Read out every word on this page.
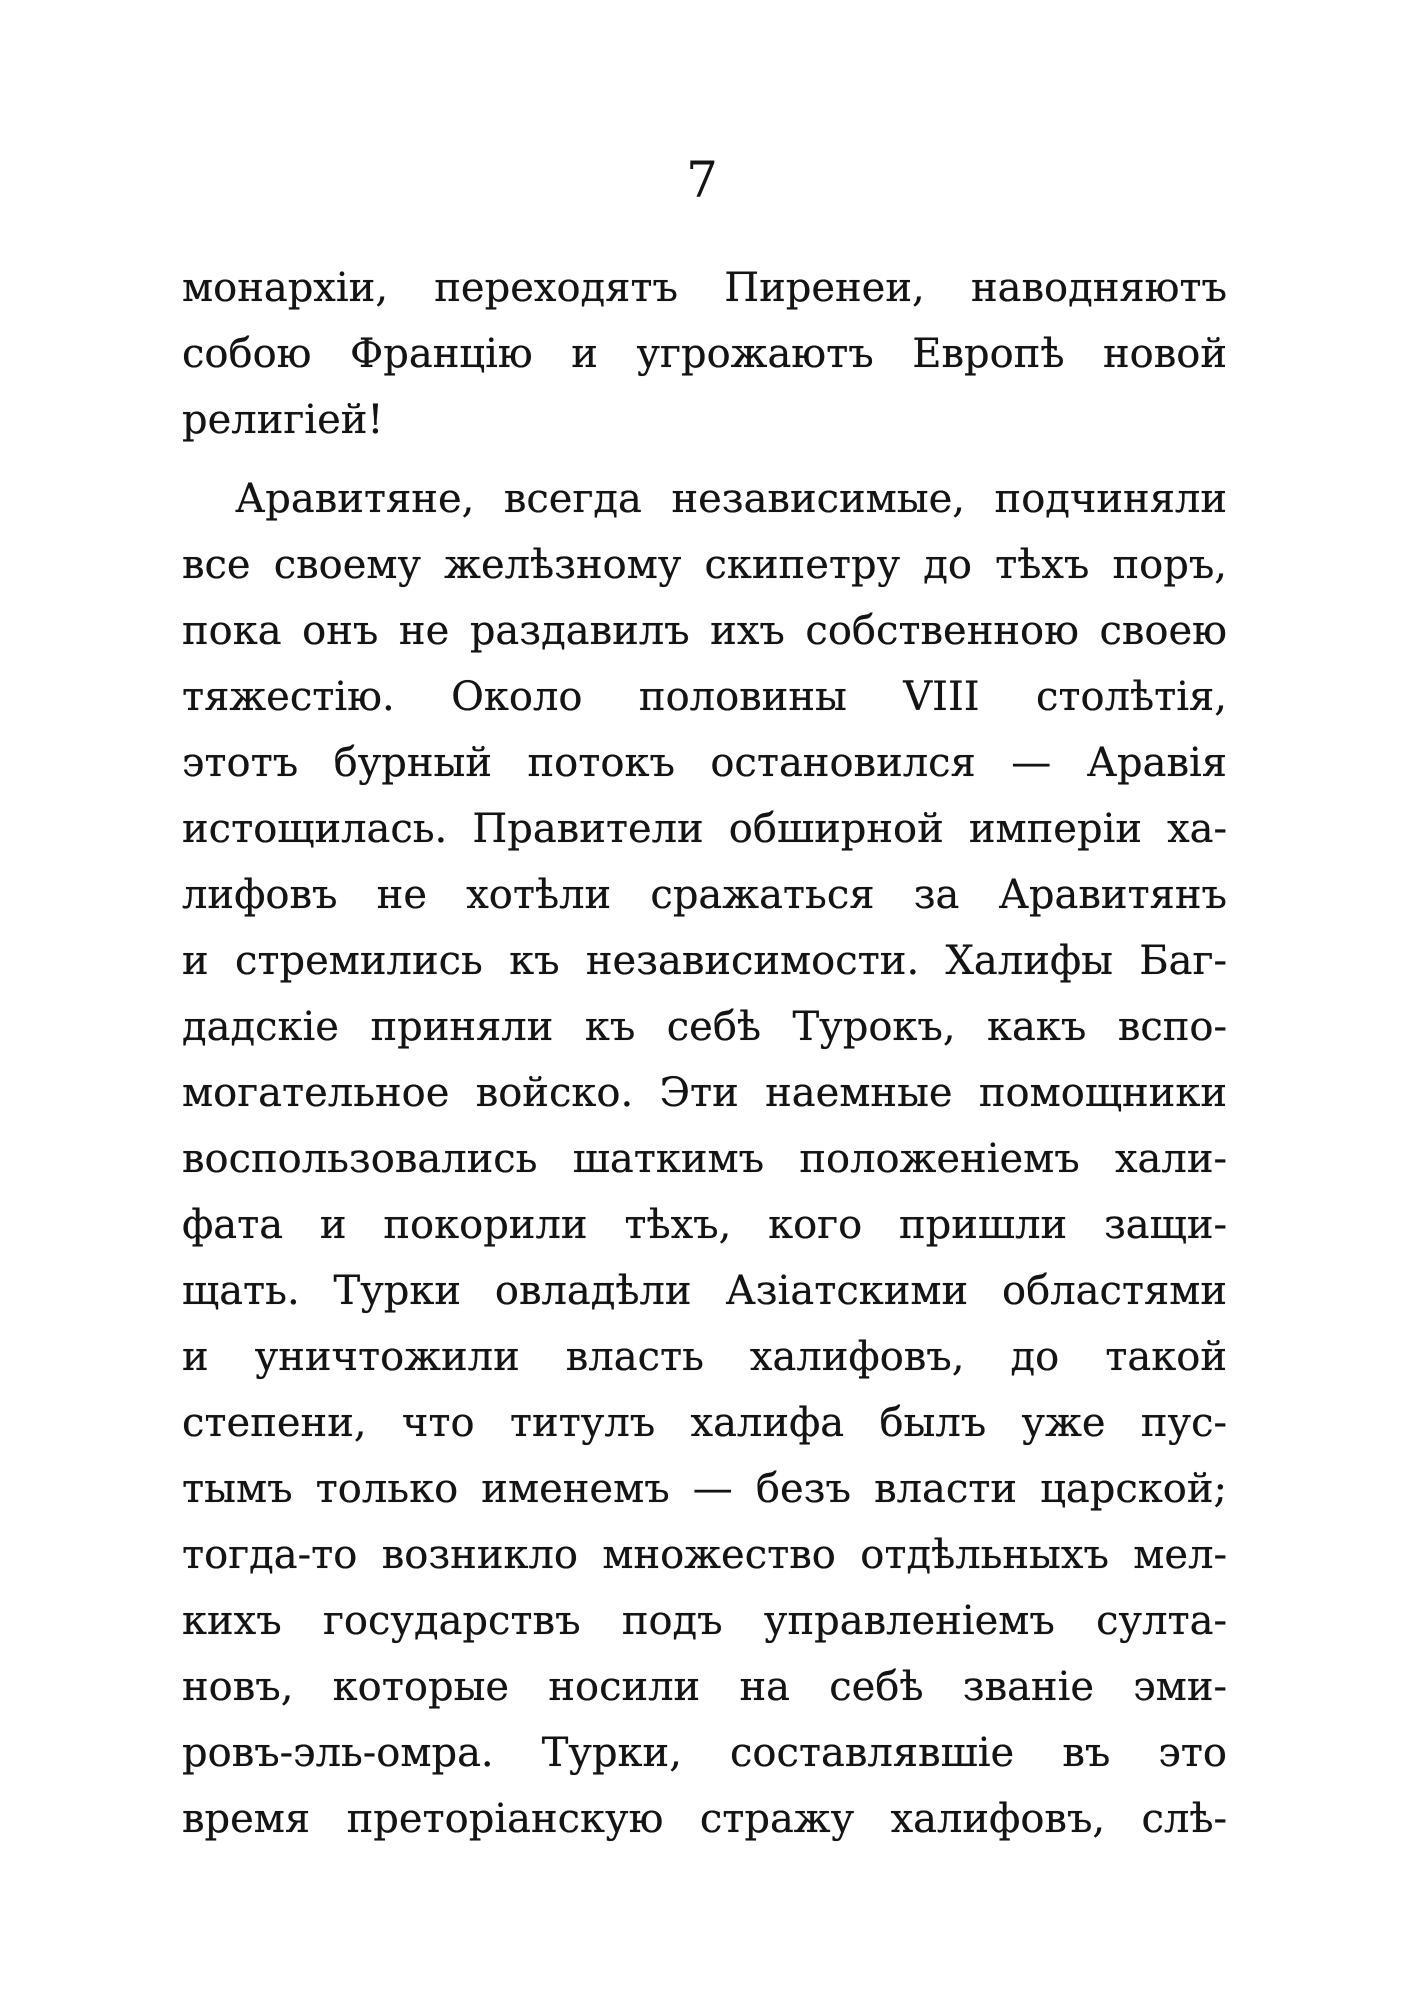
7
монархіи, переходятъ Пиренеи, наводняютъ
собою Францію и угрожаютъ Европѣ новой
религіей!
Аравитяне, всегда независимые, подчиняли
все своему желѣзному скипетру до тѣхъ поръ,
пока онъ не раздавилъ ихъ собственною своею
тяжестію. Около половины VIII столѣтія,
этотъ бурный потокъ остановился — Аравія
истощилась. Правители обширной имперіи ха-
лифовъ не хотѣли сражаться за Аравитянъ
и стремились къ независимости. Халифы Баг-
дадскіе приняли къ себѣ Турокъ, какъ вспо-
могательное войско. Эти наемные помощники
воспользовались шаткимъ положеніемъ хали-
фата и покорили тѣхъ, кого пришли защи-
щать. Турки овладѣли Азіатскими областями
и уничтожили власть халифовъ, до такой
степени, что титулъ халифа былъ уже пус-
тымъ только именемъ — безъ власти царской;
тогда-то возникло множество отдѣльныхъ мел-
кихъ государствъ подъ управленіемъ султа-
новъ, которые носили на себѣ званіе эми-
ровъ-эль-омра. Турки, составлявшіе въ это
время преторіанскую стражу халифовъ, слѣ-
